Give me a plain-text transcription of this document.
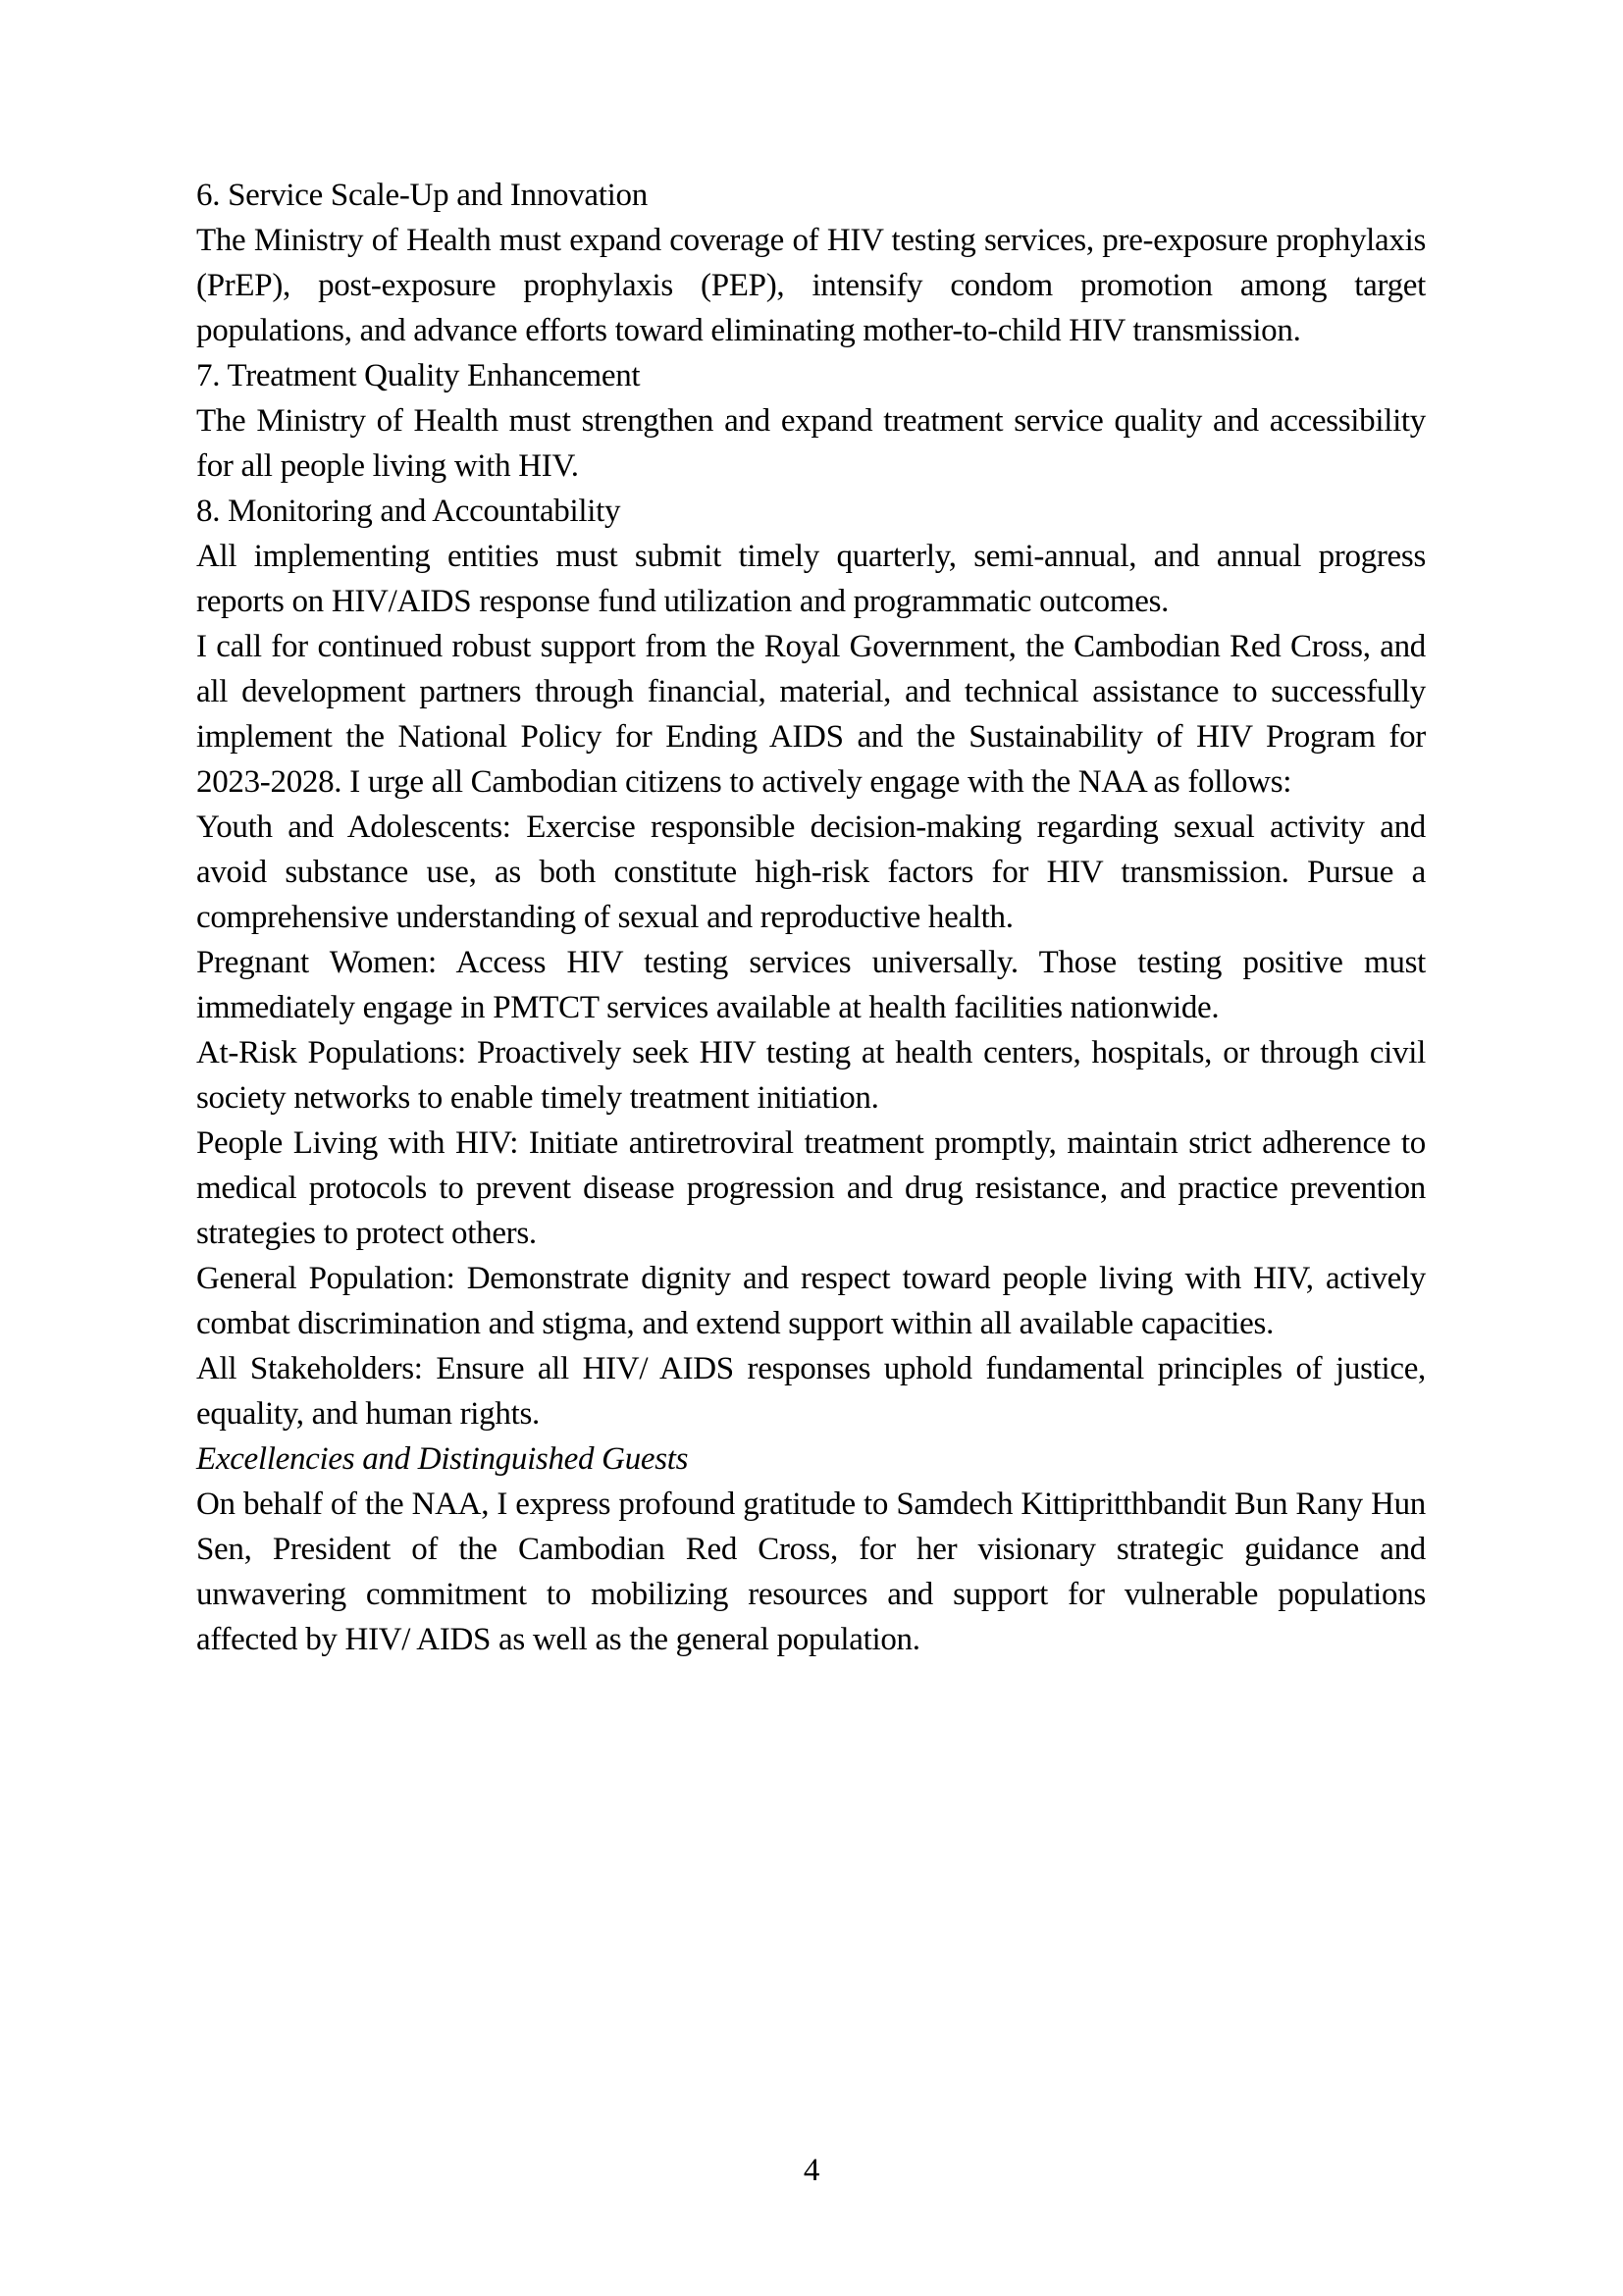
6. Service Scale-Up and Innovation

The Ministry of Health must expand coverage of HIV testing services, pre-exposure prophylaxis (PrEP), post-exposure prophylaxis (PEP), intensify condom promotion among target populations, and advance efforts toward eliminating mother-to-child HIV transmission.

7. Treatment Quality Enhancement

The Ministry of Health must strengthen and expand treatment service quality and accessibility for all people living with HIV.

8. Monitoring and Accountability

All implementing entities must submit timely quarterly, semi-annual, and annual progress reports on HIV/AIDS response fund utilization and programmatic outcomes.

I call for continued robust support from the Royal Government, the Cambodian Red Cross, and all development partners through financial, material, and technical assistance to successfully implement the National Policy for Ending AIDS and the Sustainability of HIV Program for 2023-2028. I urge all Cambodian citizens to actively engage with the NAA as follows:

Youth and Adolescents: Exercise responsible decision-making regarding sexual activity and avoid substance use, as both constitute high-risk factors for HIV transmission. Pursue a comprehensive understanding of sexual and reproductive health.

Pregnant Women: Access HIV testing services universally. Those testing positive must immediately engage in PMTCT services available at health facilities nationwide.

At-Risk Populations: Proactively seek HIV testing at health centers, hospitals, or through civil society networks to enable timely treatment initiation.

People Living with HIV: Initiate antiretroviral treatment promptly, maintain strict adherence to medical protocols to prevent disease progression and drug resistance, and practice prevention strategies to protect others.

General Population: Demonstrate dignity and respect toward people living with HIV, actively combat discrimination and stigma, and extend support within all available capacities.

All Stakeholders: Ensure all HIV/ AIDS responses uphold fundamental principles of justice, equality, and human rights.

Excellencies and Distinguished Guests

On behalf of the NAA, I express profound gratitude to Samdech Kittipritthbandit Bun Rany Hun Sen, President of the Cambodian Red Cross, for her visionary strategic guidance and unwavering commitment to mobilizing resources and support for vulnerable populations affected by HIV/ AIDS as well as the general population.

4
